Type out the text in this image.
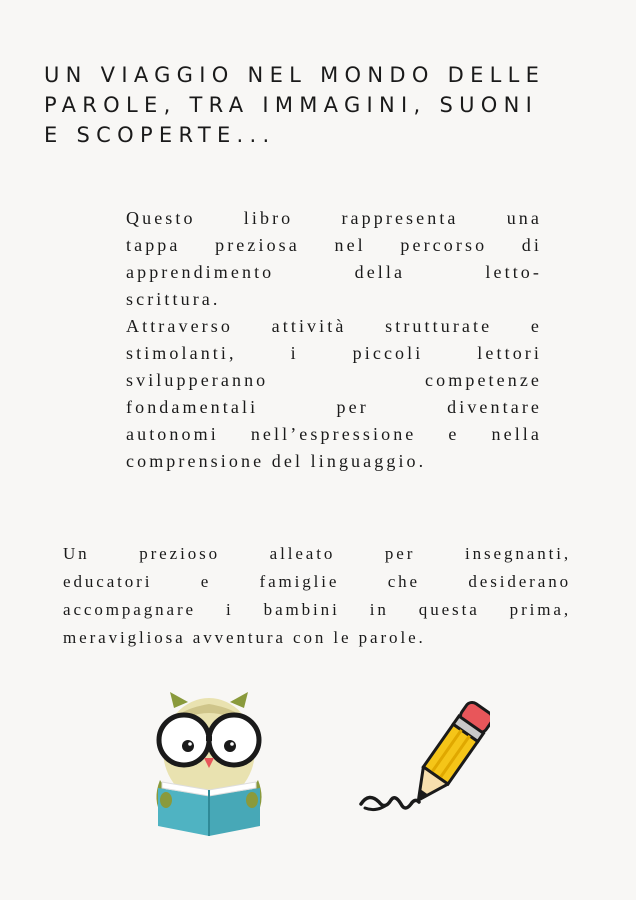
UN VIAGGIO NEL MONDO DELLE
PAROLE, TRA IMMAGINI, SUONI
E SCOPERTE...

Questo libro rappresenta una
tappa preziosa nel percorso di
apprendimento della letto-
scrittura.
Attraverso attività strutturate e
stimolanti, i piccoli lettori
svilupperanno competenze
fondamentali per diventare
autonomi nell’espressione e nella
comprensione del linguaggio.

Un prezioso alleato per insegnanti,
educatori e famiglie che desiderano
accompagnare i bambini in questa prima,
meravigliosa avventura con le parole.
